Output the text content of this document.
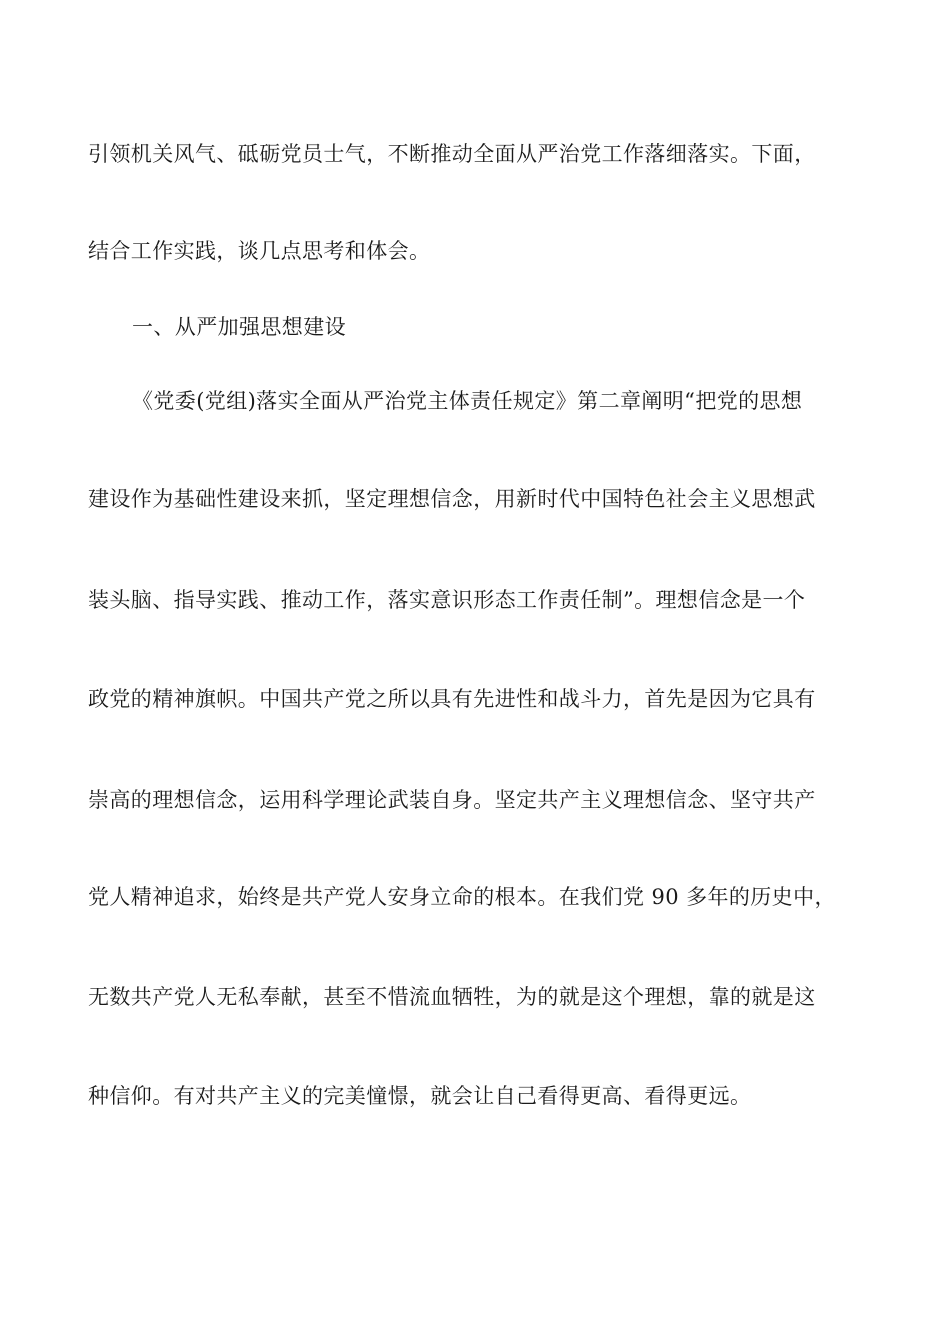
引领机关风气、砥砺党员士气，不断推动全面从严治党工作落细落实。下面，
结合工作实践，谈几点思考和体会。
一、从严加强思想建设
《党委(党组)落实全面从严治党主体责任规定》第二章阐明“把党的思想
建设作为基础性建设来抓，坚定理想信念，用新时代中国特色社会主义思想武
装头脑、指导实践、推动工作，落实意识形态工作责任制”。理想信念是一个
政党的精神旗帜。中国共产党之所以具有先进性和战斗力，首先是因为它具有
崇高的理想信念，运用科学理论武装自身。坚定共产主义理想信念、坚守共产
党人精神追求，始终是共产党人安身立命的根本。在我们党 90 多年的历史中，
无数共产党人无私奉献，甚至不惜流血牺牲，为的就是这个理想，靠的就是这
种信仰。有对共产主义的完美憧憬，就会让自己看得更高、看得更远。
